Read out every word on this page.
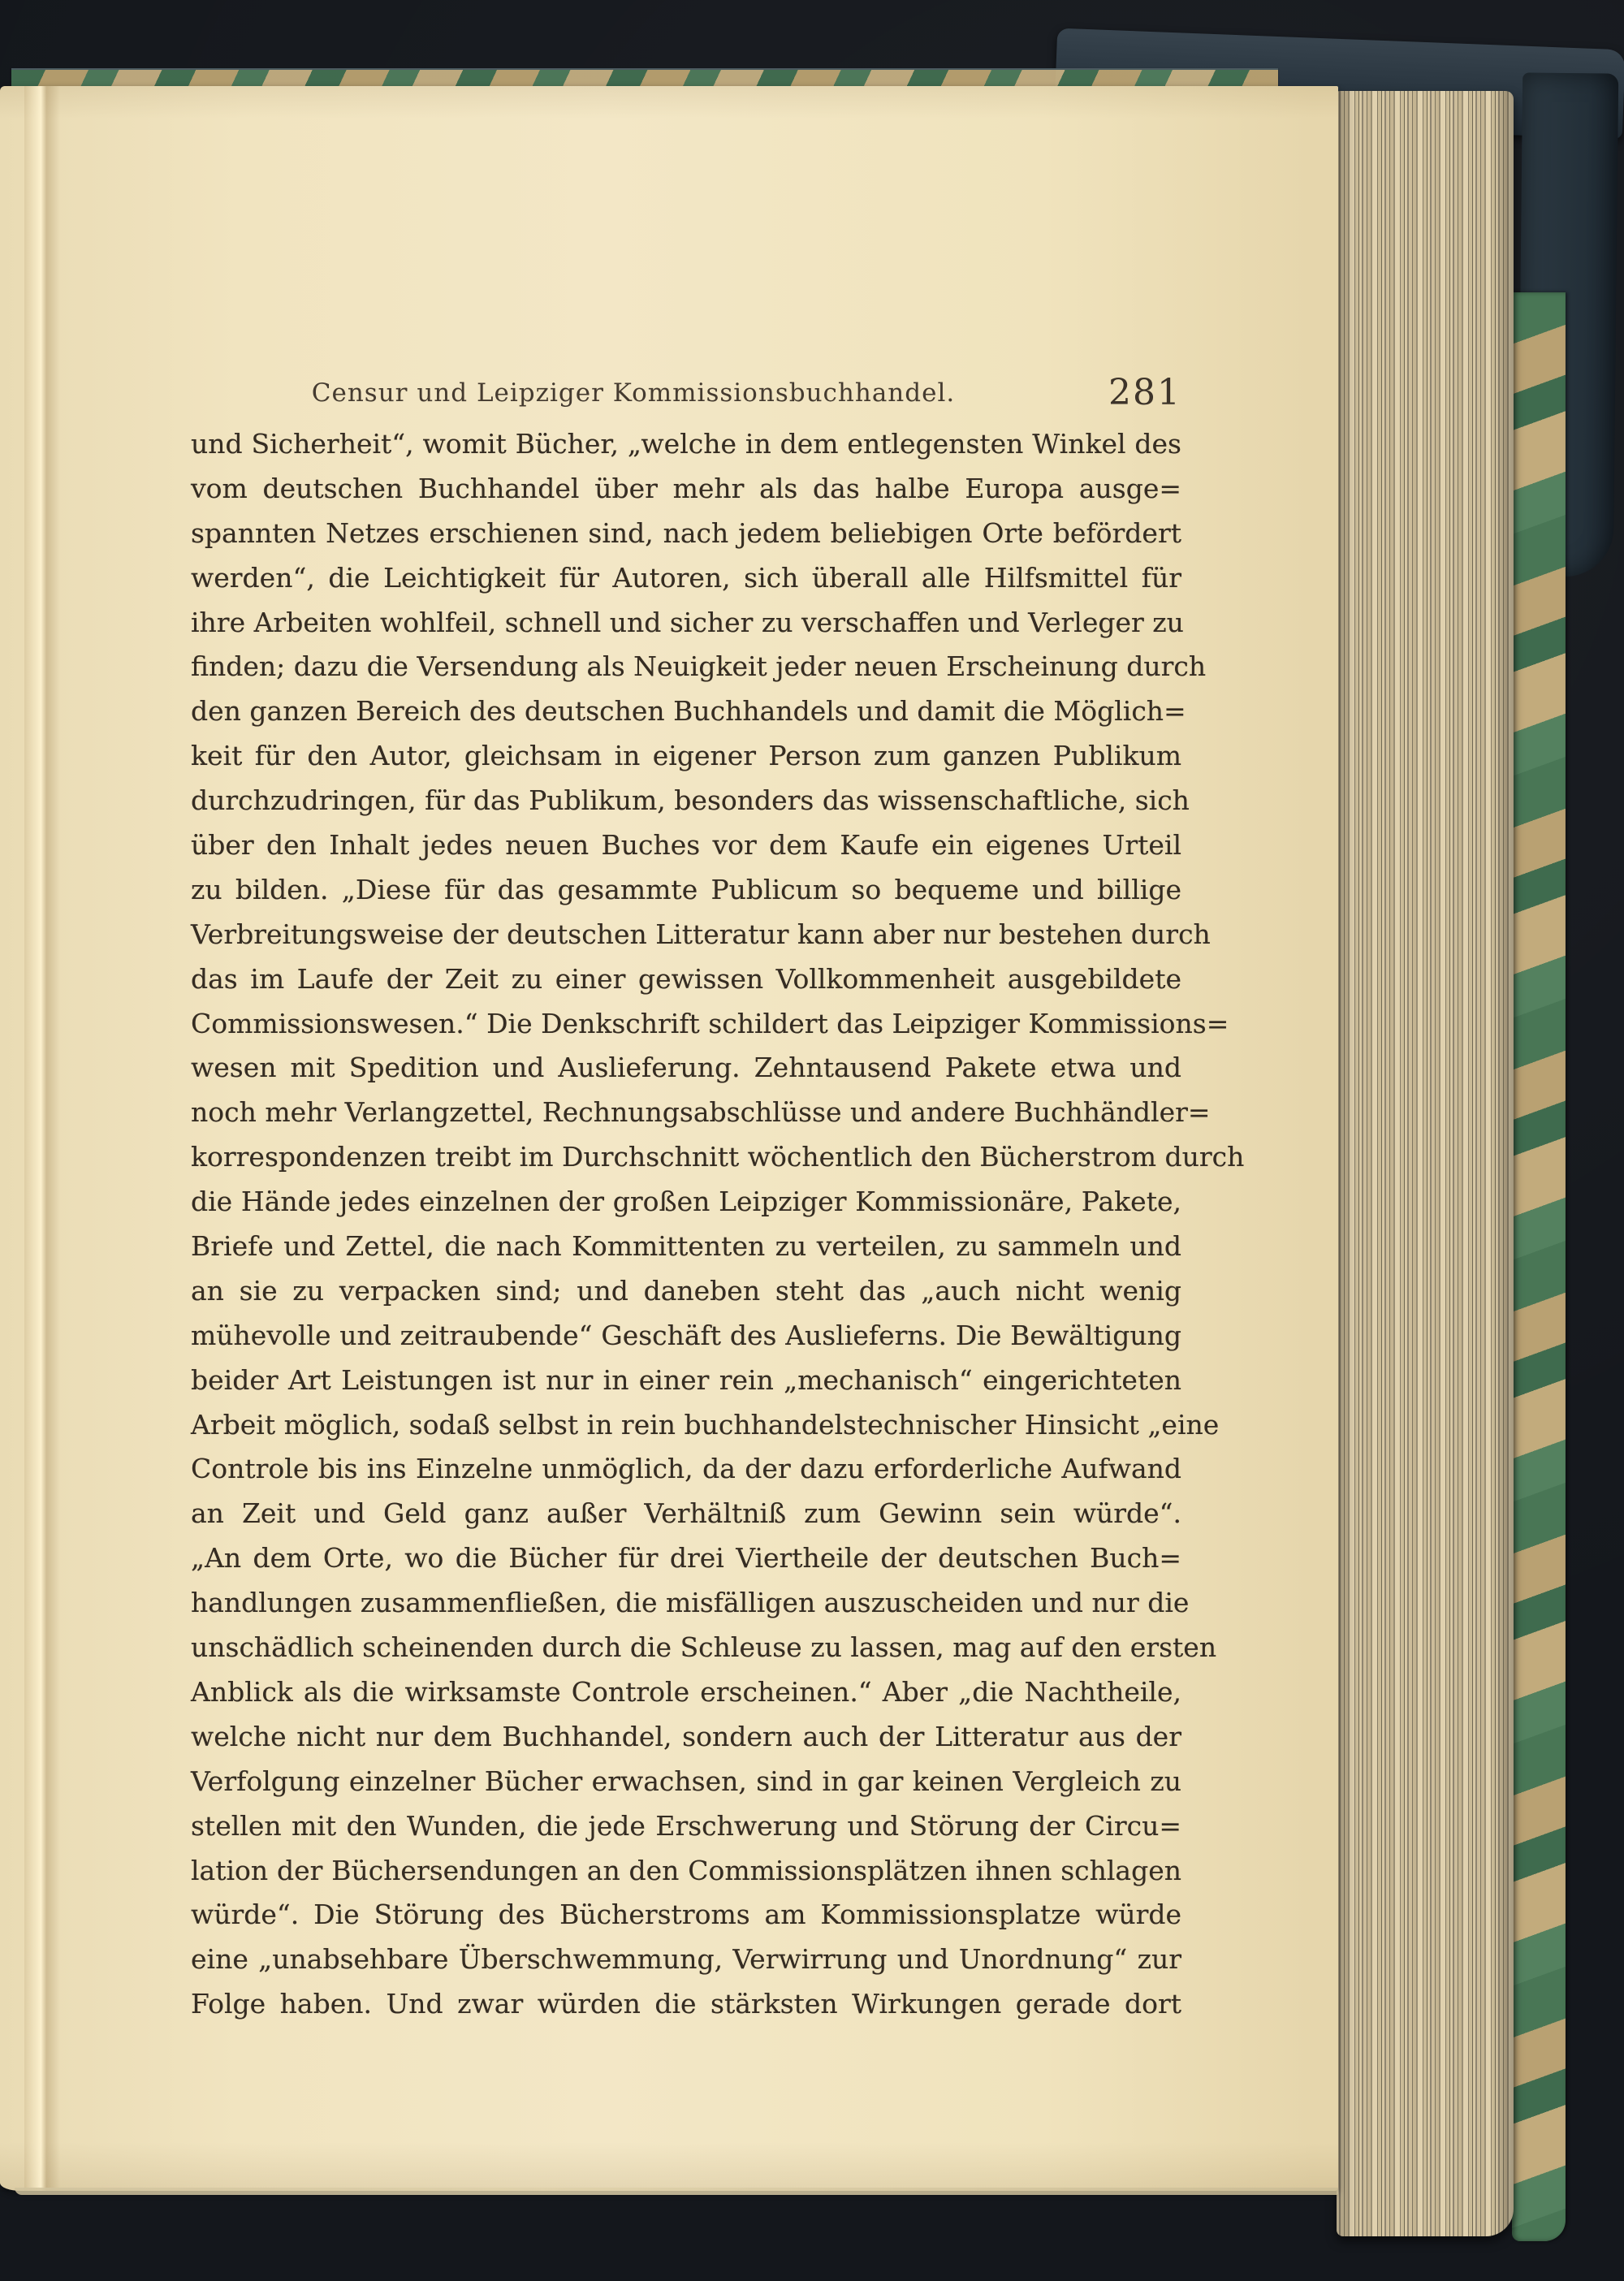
Censur und Leipziger Kommissionsbuchhandel.	281
und Sicherheit“, womit Bücher, „welche in dem entlegensten Winkel des
vom deutschen Buchhandel über mehr als das halbe Europa ausge=
spannten Netzes erschienen sind, nach jedem beliebigen Orte befördert
werden“, die Leichtigkeit für Autoren, sich überall alle Hilfsmittel für
ihre Arbeiten wohlfeil, schnell und sicher zu verschaffen und Verleger zu
finden; dazu die Versendung als Neuigkeit jeder neuen Erscheinung durch
den ganzen Bereich des deutschen Buchhandels und damit die Möglich=
keit für den Autor, gleichsam in eigener Person zum ganzen Publikum
durchzudringen, für das Publikum, besonders das wissenschaftliche, sich
über den Inhalt jedes neuen Buches vor dem Kaufe ein eigenes Urteil
zu bilden. „Diese für das gesammte Publicum so bequeme und billige
Verbreitungsweise der deutschen Litteratur kann aber nur bestehen durch
das im Laufe der Zeit zu einer gewissen Vollkommenheit ausgebildete
Commissionswesen.“ Die Denkschrift schildert das Leipziger Kommissions=
wesen mit Spedition und Auslieferung. Zehntausend Pakete etwa und
noch mehr Verlangzettel, Rechnungsabschlüsse und andere Buchhändler=
korrespondenzen treibt im Durchschnitt wöchentlich den Bücherstrom durch
die Hände jedes einzelnen der großen Leipziger Kommissionäre, Pakete,
Briefe und Zettel, die nach Kommittenten zu verteilen, zu sammeln und
an sie zu verpacken sind; und daneben steht das „auch nicht wenig
mühevolle und zeitraubende“ Geschäft des Auslieferns. Die Bewältigung
beider Art Leistungen ist nur in einer rein „mechanisch“ eingerichteten
Arbeit möglich, sodaß selbst in rein buchhandelstechnischer Hinsicht „eine
Controle bis ins Einzelne unmöglich, da der dazu erforderliche Aufwand
an Zeit und Geld ganz außer Verhältniß zum Gewinn sein würde“.
„An dem Orte, wo die Bücher für drei Viertheile der deutschen Buch=
handlungen zusammenfließen, die misfälligen auszuscheiden und nur die
unschädlich scheinenden durch die Schleuse zu lassen, mag auf den ersten
Anblick als die wirksamste Controle erscheinen.“ Aber „die Nachtheile,
welche nicht nur dem Buchhandel, sondern auch der Litteratur aus der
Verfolgung einzelner Bücher erwachsen, sind in gar keinen Vergleich zu
stellen mit den Wunden, die jede Erschwerung und Störung der Circu=
lation der Büchersendungen an den Commissionsplätzen ihnen schlagen
würde“. Die Störung des Bücherstroms am Kommissionsplatze würde
eine „unabsehbare Überschwemmung, Verwirrung und Unordnung“ zur
Folge haben. Und zwar würden die stärksten Wirkungen gerade dort
